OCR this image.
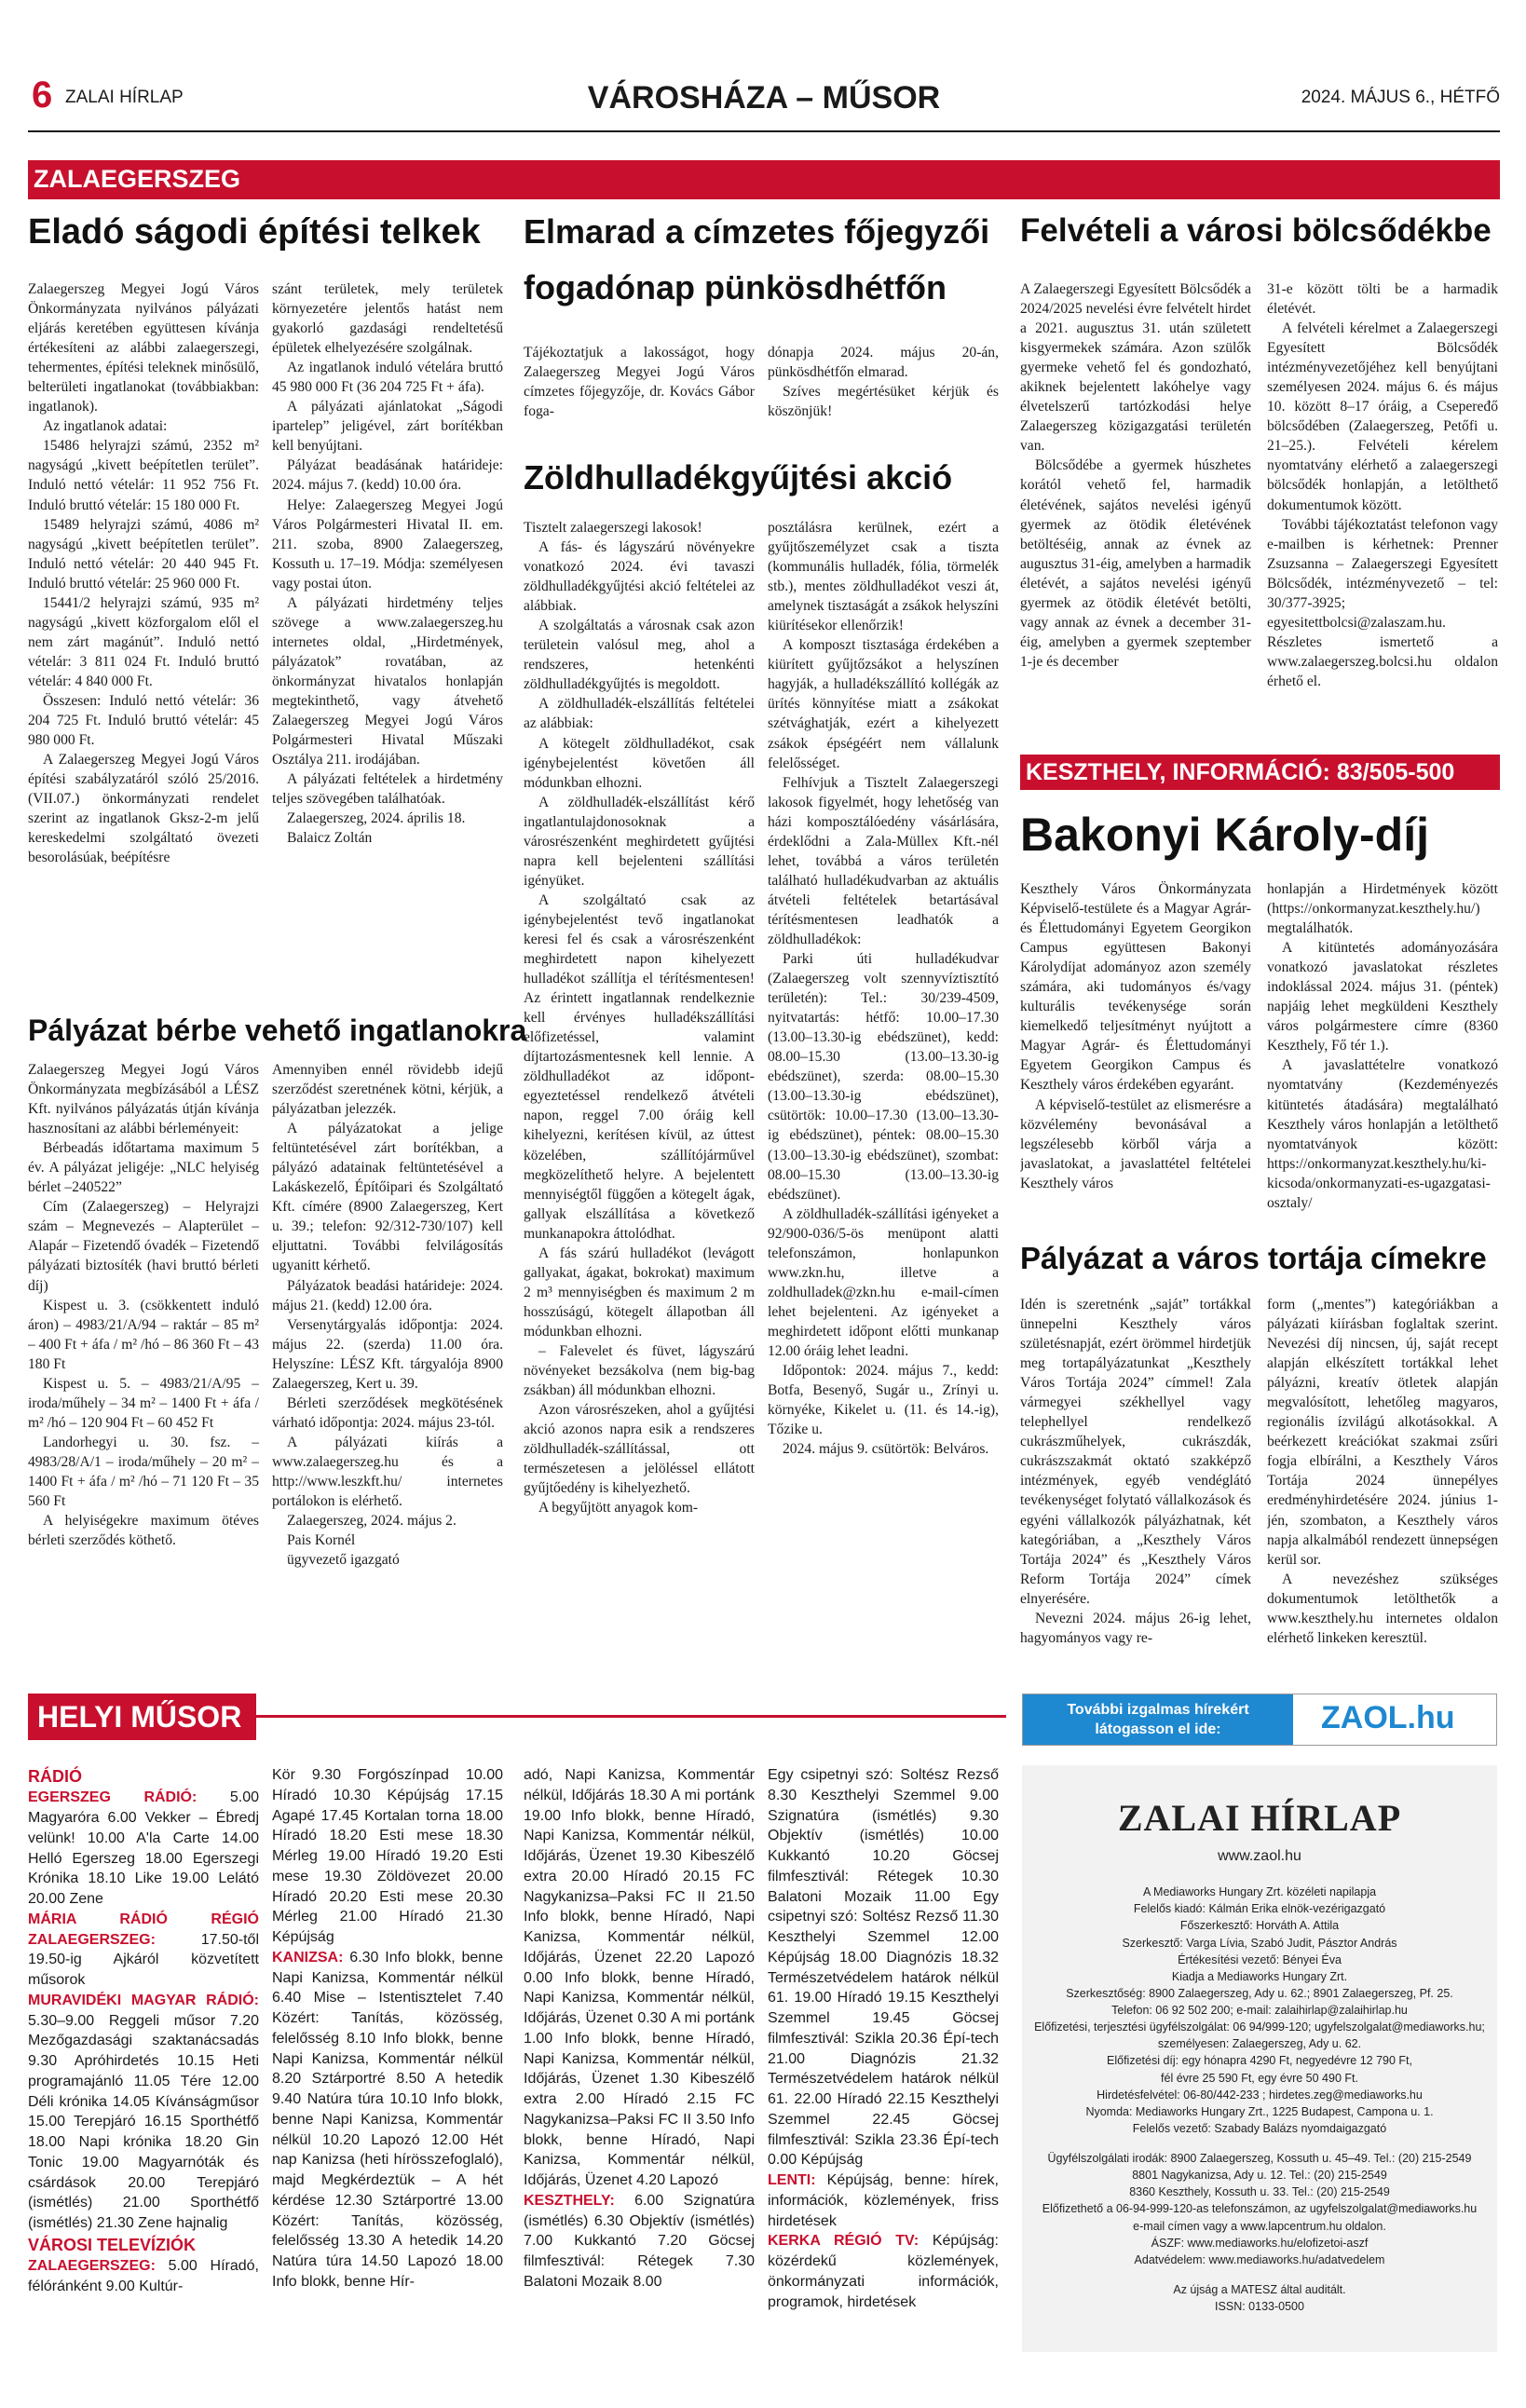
6 ZALAI HÍRLAP	VÁROSHÁZA – MŰSOR	2024. MÁJUS 6., HÉTFŐ
ZALAEGERSZEG
Eladó ságodi építési telkek

Zalaegerszeg Megyei Jogú Város Önkormányzata nyilvános pályázati eljárás keretében együttesen kívánja értékesíteni az alábbi zalaegerszegi, tehermentes, építési teleknek minősülő, belterületi ingatlanokat (továbbiakban: ingatlanok).

Az ingatlanok adatai:

15486 helyrajzi számú, 2352 m² nagyságú „kivett beépítetlen terület”. Induló nettó vételár: 11 952 756 Ft. Induló bruttó vételár: 15 180 000 Ft.

15489 helyrajzi számú, 4086 m² nagyságú „kivett beépítetlen terület”. Induló nettó vételár: 20 440 945 Ft. Induló bruttó vételár: 25 960 000 Ft.

15441/2 helyrajzi számú, 935 m² nagyságú „kivett közforgalom elől el nem zárt magánút”. Induló nettó vételár: 3 811 024 Ft. Induló bruttó vételár: 4 840 000 Ft.

Összesen: Induló nettó vételár: 36 204 725 Ft. Induló bruttó vételár: 45 980 000 Ft.

A Zalaegerszeg Megyei Jogú Város építési szabályzatáról szóló 25/2016. (VII.07.) önkormányzati rendelet szerint az ingatlanok Gksz-2-m jelű kereskedelmi szolgáltató övezeti besorolásúak, beépítésre

szánt területek, mely területek környezetére jelentős hatást nem gyakorló gazdasági rendeltetésű épületek elhelyezésére szolgálnak.

Az ingatlanok induló vételára bruttó 45 980 000 Ft (36 204 725 Ft + áfa).

A pályázati ajánlatokat „Ságodi ipartelep” jeligével, zárt borítékban kell benyújtani.

Pályázat beadásának határideje: 2024. május 7. (kedd) 10.00 óra.

Helye: Zalaegerszeg Megyei Jogú Város Polgármesteri Hivatal II. em. 211. szoba, 8900 Zalaegerszeg, Kossuth u. 17–19. Módja: személyesen vagy postai úton.

A pályázati hirdetmény teljes szövege a www.zalaegerszeg.hu internetes oldal, „Hirdetmények, pályázatok” rovatában, az önkormányzat hivatalos honlapján megtekinthető, vagy átvehető Zalaegerszeg Megyei Jogú Város Polgármesteri Hivatal Műszaki Osztálya 211. irodájában.

A pályázati feltételek a hirdetmény teljes szövegében találhatóak.

Zalaegerszeg, 2024. április 18.

Balaicz Zoltán

Pályázat bérbe vehető ingatlanokra

Zalaegerszeg Megyei Jogú Város Önkormányzata megbízásából a LÉSZ Kft. nyilvános pályázatás útján kívánja hasznosítani az alábbi bérleményeit:

Bérbeadás időtartama maximum 5 év. A pályázat jeligéje: „NLC helyiség bérlet –240522”

Cím (Zalaegerszeg) – Helyrajzi szám – Megnevezés – Alapterület – Alapár – Fizetendő óvadék – Fizetendő pályázati biztosíték (havi bruttó bérleti díj)

Kispest u. 3. (csökkentett induló áron) – 4983/21/A/94 – raktár – 85 m² – 400 Ft + áfa / m² /hó – 86 360 Ft – 43 180 Ft

Kispest u. 5. – 4983/21/A/95 – iroda/műhely – 34 m² – 1400 Ft + áfa / m² /hó – 120 904 Ft – 60 452 Ft

Landorhegyi u. 30. fsz. – 4983/28/A/1 – iroda/műhely – 20 m² – 1400 Ft + áfa / m² /hó – 71 120 Ft – 35 560 Ft

A helyiségekre maximum ötéves bérleti szerződés köthető.

Amennyiben ennél rövidebb idejű szerződést szeretnének kötni, kérjük, a pályázatban jelezzék.

A pályázatokat a jelige feltüntetésével zárt borítékban, a pályázó adatainak feltüntetésével a Lakáskezelő, Építőipari és Szolgáltató Kft. címére (8900 Zalaegerszeg, Kert u. 39.; telefon: 92/312-730/107) kell eljuttatni. További felvilágosítás ugyanitt kérhető.

Pályázatok beadási határideje: 2024. május 21. (kedd) 12.00 óra.

Versenytárgyalás időpontja: 2024. május 22. (szerda) 11.00 óra. Helyszíne: LÉSZ Kft. tárgyalója 8900 Zalaegerszeg, Kert u. 39.

Bérleti szerződések megkötésének várható időpontja: 2024. május 23-tól.

A pályázati kiírás a www.zalaegerszeg.hu és a http://www.leszkft.hu/ internetes portálokon is elérhető.

Zalaegerszeg, 2024. május 2.

Pais Kornél

ügyvezető igazgató

Elmarad a címzetes főjegyzői
fogadónap pünkösdhétfőn

Tájékoztatjuk a lakosságot, hogy Zalaegerszeg Megyei Jogú Város címzetes főjegyzője, dr. Kovács Gábor foga-

dónapja 2024. május 20-án, pünkösdhétfőn elmarad.

Szíves megértésüket kérjük és köszönjük!

Zöldhulladékgyűjtési akció

Tisztelt zalaegerszegi lakosok!

A fás- és lágyszárú növényekre vonatkozó 2024. évi tavaszi zöldhulladékgyűjtési akció feltételei az alábbiak.

A szolgáltatás a városnak csak azon területein valósul meg, ahol a rendszeres, hetenkénti zöldhulladékgyűjtés is megoldott.

A zöldhulladék-elszállítás feltételei az alábbiak:

A kötegelt zöldhulladékot, csak igénybejelentést követően áll módunkban elhozni.

A zöldhulladék-elszállítást kérő ingatlantulajdonosoknak a városrészenként meghirdetett gyűjtési napra kell bejelenteni szállítási igényüket.

A szolgáltató csak az igénybejelentést tevő ingatlanokat keresi fel és csak a városrészenként meghirdetett napon kihelyezett hulladékot szállítja el térítésmentesen! Az érintett ingatlannak rendelkeznie kell érvényes hulladékszállítási előfizetéssel, valamint díjtartozásmentesnek kell lennie. A zöldhulladékot az időpont-egyeztetéssel rendelkező átvételi napon, reggel 7.00 óráig kell kihelyezni, kerítésen kívül, az úttest közelében, szállítójárművel megközelíthető helyre. A bejelentett mennyiségtől függően a kötegelt ágak, gallyak elszállítása a következő munkanapokra áttolódhat.

A fás szárú hulladékot (levágott gallyakat, ágakat, bokrokat) maximum 2 m³ mennyiségben és maximum 2 m hosszúságú, kötegelt állapotban áll módunkban elhozni.

– Falevelet és füvet, lágyszárú növényeket bezsákolva (nem big-bag zsákban) áll módunkban elhozni.

Azon városrészeken, ahol a gyűjtési akció azonos napra esik a rendszeres zöldhulladék-szállítással, ott természetesen a jelöléssel ellátott gyűjtőedény is kihelyezhető.

A begyűjtött anyagok kom-

posztálásra kerülnek, ezért a gyűjtőszemélyzet csak a tiszta (kommunális hulladék, fólia, törmelék stb.), mentes zöldhulladékot veszi át, amelynek tisztaságát a zsákok helyszíni kiürítésekor ellenőrzik!

A komposzt tisztasága érdekében a kiürített gyűjtőzsákot a helyszínen hagyják, a hulladékszállító kollégák az ürítés könnyítése miatt a zsákokat szétvághatják, ezért a kihelyezett zsákok épségéért nem vállalunk felelősséget.

Felhívjuk a Tisztelt Zalaegerszegi lakosok figyelmét, hogy lehetőség van házi komposztálóedény vásárlására, érdeklődni a Zala-Müllex Kft.-nél lehet, továbbá a város területén található hulladékudvarban az aktuális átvételi feltételek betartásával térítésmentesen leadhatók a zöldhulladékok:

Parki úti hulladékudvar (Zalaegerszeg volt szennyvíztisztító területén): Tel.: 30/239-4509, nyitvatartás: hétfő: 10.00–17.30 (13.00–13.30-ig ebédszünet), kedd: 08.00–15.30 (13.00–13.30-ig ebédszünet), szerda: 08.00–15.30 (13.00–13.30-ig ebédszünet), csütörtök: 10.00–17.30 (13.00–13.30-ig ebédszünet), péntek: 08.00–15.30 (13.00–13.30-ig ebédszünet), szombat: 08.00–15.30 (13.00–13.30-ig ebédszünet).

A zöldhulladék-szállítási igényeket a 92/900-036/5-ös menüpont alatti telefonszámon, honlapunkon www.zkn.hu, illetve a zoldhulladek@zkn.hu e-mail-címen lehet bejelenteni. Az igényeket a meghirdetett időpont előtti munkanap 12.00 óráig lehet leadni.

Időpontok: 2024. május 7., kedd: Botfa, Besenyő, Sugár u., Zrínyi u. környéke, Kikelet u. (11. és 14.-ig), Tőzike u.

2024. május 9. csütörtök: Belváros.

Felvételi a városi bölcsődékbe

A Zalaegerszegi Egyesített Bölcsődék a 2024/2025 nevelési évre felvételt hirdet a 2021. augusztus 31. után született kisgyermekek számára. Azon szülők gyermeke vehető fel és gondozható, akiknek bejelentett lakóhelye vagy élvetelszerű tartózkodási helye Zalaegerszeg közigazgatási területén van.

Bölcsődébe a gyermek húszhetes korától vehető fel, harmadik életévének, sajátos nevelési igényű gyermek az ötödik életévének betöltéséig, annak az évnek az augusztus 31-éig, amelyben a harmadik életévét, a sajátos nevelési igényű gyermek az ötödik életévét betölti, vagy annak az évnek a december 31-éig, amelyben a gyermek szeptember 1-je és december

31-e között tölti be a harmadik életévét.

A felvételi kérelmet a Zalaegerszegi Egyesített Bölcsődék intézményvezetőjéhez kell benyújtani személyesen 2024. május 6. és május 10. között 8–17 óráig, a Csepeređő bölcsődében (Zalaegerszeg, Petőfi u. 21–25.). Felvételi kérelem nyomtatvány elérhető a zalaegerszegi bölcsődék honlapján, a letölthető dokumentumok között.

További tájékoztatást telefonon vagy e-mailben is kérhetnek: Prenner Zsuzsanna – Zalaegerszegi Egyesített Bölcsődék, intézményvezető – tel: 30/377-3925; egyesitettbolcsi@zalaszam.hu. Részletes ismertető a www.zalaegerszeg.bolcsi.hu oldalon érhető el.

KESZTHELY, INFORMÁCIÓ: 83/505-500
Bakonyi Károly-díj

Keszthely Város Önkormányzata Képviselő-testülete és a Magyar Agrár- és Élettudományi Egyetem Georgikon Campus együttesen Bakonyi Károlydíjat adományoz azon személy számára, aki tudományos és/vagy kulturális tevékenysége során kiemelkedő teljesítményt nyújtott a Magyar Agrár- és Élettudományi Egyetem Georgikon Campus és Keszthely város érdekében egyaránt.

A képviselő-testület az elismerésre a közvélemény bevonásával a legszélesebb körből várja a javaslatokat, a javaslattétel feltételei Keszthely város

honlapján a Hirdetmények között (https://onkormanyzat.keszthely.hu/) megtalálhatók.

A kitüntetés adományozására vonatkozó javaslatokat részletes indoklással 2024. május 31. (péntek) napjáig lehet megküldeni Keszthely város polgármestere címre (8360 Keszthely, Fő tér 1.).

A javaslattételre vonatkozó nyomtatvány (Kezdeményezés kitüntetés átadására) megtalálható Keszthely város honlapján a letölthető nyomtatványok között: https://onkormanyzat.keszthely.hu/ki-kicsoda/onkormanyzati-es-ugazgatasi-osztaly/

Pályázat a város tortája címekre

Idén is szeretnénk „saját” tortákkal ünnepelni Keszthely város születésnapját, ezért örömmel hirdetjük meg tortapályázatunkat „Keszthely Város Tortája 2024” címmel! Zala vármegyei székhellyel vagy telephellyel rendelkező cukrászműhelyek, cukrászdák, cukrászszakmát oktató szakképző intézmények, egyéb vendéglátó tevékenységet folytató vállalkozások és egyéni vállalkozók pályázhatnak, két kategóriában, a „Keszthely Város Tortája 2024” és „Keszthely Város Reform Tortája 2024” címek elnyerésére.

Nevezni 2024. május 26-ig lehet, hagyományos vagy re-

form („mentes”) kategóriákban a pályázati kiírásban foglaltak szerint. Nevezési díj nincsen, új, saját recept alapján elkészített tortákkal lehet pályázni, kreatív ötletek alapján megvalósított, lehetőleg magyaros, regionális ízvilágú alkotásokkal. A beérkezett kreációkat szakmai zsűri fogja elbírálni, a Keszthely Város Tortája 2024 ünnepélyes eredményhirdetésére 2024. június 1-jén, szombaton, a Keszthely város napja alkalmából rendezett ünnepségen kerül sor.

A nevezéshez szükséges dokumentumok letölthetők a www.keszthely.hu internetes oldalon elérhető linkeken keresztül.

HELYI MŰSOR
RÁDIÓ
EGERSZEG RÁDIÓ: 5.00 Magyaróra 6.00 Vekker – Ébredj velünk! 10.00 A'la Carte 14.00 Helló Egerszeg 18.00 Egerszegi Krónika 18.10 Like 19.00 Lelátó 20.00 Zene
MÁRIA RÁDIÓ RÉGIÓ ZALAEGERSZEG: 17.50-től 19.50-ig Ajkáról közvetített műsorok
MURAVIDÉKI MAGYAR RÁDIÓ: 5.30–9.00 Reggeli műsor 7.20 Mezőgazdasági szaktanácsadás 9.30 Apróhirdetés 10.15 Heti programajánló 11.05 Tére 12.00 Déli krónika 14.05 Kívánságműsor 15.00 Terepjáró 16.15 Sporthétfő 18.00 Napi krónika 18.20 Gin Tonic 19.00 Magyarnóták és csárdások 20.00 Terepjáró (ismétlés) 21.00 Sporthétfő (ismétlés) 21.30 Zene hajnalig
VÁROSI TELEVÍZIÓK
ZALAEGERSZEG: 5.00 Híradó, félóránként 9.00 Kultúr-
Kör 9.30 Forgószínpad 10.00 Híradó 10.30 Képújság 17.15 Agapé 17.45 Kortalan torna 18.00 Híradó 18.20 Esti mese 18.30 Mérleg 19.00 Híradó 19.20 Esti mese 19.30 Zöldövezet 20.00 Híradó 20.20 Esti mese 20.30 Mérleg 21.00 Híradó 21.30 Képújság
KANIZSA: 6.30 Info blokk, benne Napi Kanizsa, Kommentár nélkül 6.40 Mise – Istentisztelet 7.40 Közért: Tanítás, közösség, felelősség 8.10 Info blokk, benne Napi Kanizsa, Kommentár nélkül 8.20 Sztárportré 8.50 A hetedik 9.40 Natúra túra 10.10 Info blokk, benne Napi Kanizsa, Kommentár nélkül 10.20 Lapozó 12.00 Hét nap Kanizsa (heti hírösszefoglaló), majd Megkérdeztük – A hét kérdése 12.30 Sztárportré 13.00 Közért: Tanítás, közösség, felelősség 13.30 A hetedik 14.20 Natúra túra 14.50 Lapozó 18.00 Info blokk, benne Hír-
adó, Napi Kanizsa, Kommentár nélkül, Időjárás 18.30 A mi portánk 19.00 Info blokk, benne Híradó, Napi Kanizsa, Kommentár nélkül, Időjárás, Üzenet 19.30 Kibeszélő extra 20.00 Híradó 20.15 FC Nagykanizsa–Paksi FC II 21.50 Info blokk, benne Híradó, Napi Kanizsa, Kommentár nélkül, Időjárás, Üzenet 22.20 Lapozó 0.00 Info blokk, benne Híradó, Napi Kanizsa, Kommentár nélkül, Időjárás, Üzenet 0.30 A mi portánk 1.00 Info blokk, benne Híradó, Napi Kanizsa, Kommentár nélkül, Időjárás, Üzenet 1.30 Kibeszélő extra 2.00 Híradó 2.15 FC Nagykanizsa–Paksi FC II 3.50 Info blokk, benne Híradó, Napi Kanizsa, Kommentár nélkül, Időjárás, Üzenet 4.20 Lapozó
KESZTHELY: 6.00 Szignatúra (ismétlés) 6.30 Objektív (ismétlés) 7.00 Kukkantó 7.20 Göcsej filmfesztivál: Rétegek 7.30 Balatoni Mozaik 8.00
Egy csipetnyi szó: Soltész Rezső 8.30 Keszthelyi Szemmel 9.00 Szignatúra (ismétlés) 9.30 Objektív (ismétlés) 10.00 Kukkantó 10.20 Göcsej filmfesztivál: Rétegek 10.30 Balatoni Mozaik 11.00 Egy csipetnyi szó: Soltész Rezső 11.30 Keszthelyi Szemmel 12.00 Képújság 18.00 Diagnózis 18.32 Természetvédelem határok nélkül 61. 19.00 Híradó 19.15 Keszthelyi Szemmel 19.45 Göcsej filmfesztivál: Szikla 20.36 Épí-tech 21.00 Diagnózis 21.32 Természetvédelem határok nélkül 61. 22.00 Híradó 22.15 Keszthelyi Szemmel 22.45 Göcsej filmfesztivál: Szikla 23.36 Épí-tech 0.00 Képújság
LENTI: Képújság, benne: hírek, információk, közlemények, friss hirdetések
KERKA RÉGIÓ TV: Képújság: közérdekű közlemények, önkormányzati információk, programok, hirdetések
További izgalmas hírekért
látogasson el ide:	ZAOL.hu
ZALAI HÍRLAP
www.zaol.hu
A Mediaworks Hungary Zrt. közéleti napilapja
Felelős kiadó: Kálmán Erika elnök-vezérigazgató
Főszerkesztő: Horváth A. Attila
Szerkesztő: Varga Lívia, Szabó Judit, Pásztor András
Értékesítési vezető: Bényei Éva
Kiadja a Mediaworks Hungary Zrt.
Szerkesztőség: 8900 Zalaegerszeg, Ady u. 62.; 8901 Zalaegerszeg, Pf. 25.
Telefon: 06 92 502 200; e-mail: zalaihirlap@zalaihirlap.hu
Előfizetési, terjesztési ügyfélszolgálat: 06 94/999-120; ugyfelszolgalat@mediaworks.hu;
személyesen: Zalaegerszeg, Ady u. 62.
Előfizetési díj: egy hónapra 4290 Ft, negyedévre 12 790 Ft,
fél évre 25 590 Ft, egy évre 50 490 Ft.
Hirdetésfelvétel: 06-80/442-233 ; hirdetes.zeg@mediaworks.hu
Nyomda: Mediaworks Hungary Zrt., 1225 Budapest, Campona u. 1.
Felelős vezető: Szabady Balázs nyomdaigazgató
Ügyfélszolgálati irodák: 8900 Zalaegerszeg, Kossuth u. 45–49. Tel.: (20) 215-2549
8801 Nagykanizsa, Ady u. 12. Tel.: (20) 215-2549
8360 Keszthely, Kossuth u. 33. Tel.: (20) 215-2549
Előfizethető a 06-94-999-120-as telefonszámon, az ugyfelszolgalat@mediaworks.hu
e-mail címen vagy a www.lapcentrum.hu oldalon.
ÁSZF: www.mediaworks.hu/elofizetoi-aszf
Adatvédelem: www.mediaworks.hu/adatvedelem
Az újság a MATESZ által auditált.
ISSN: 0133-0500
